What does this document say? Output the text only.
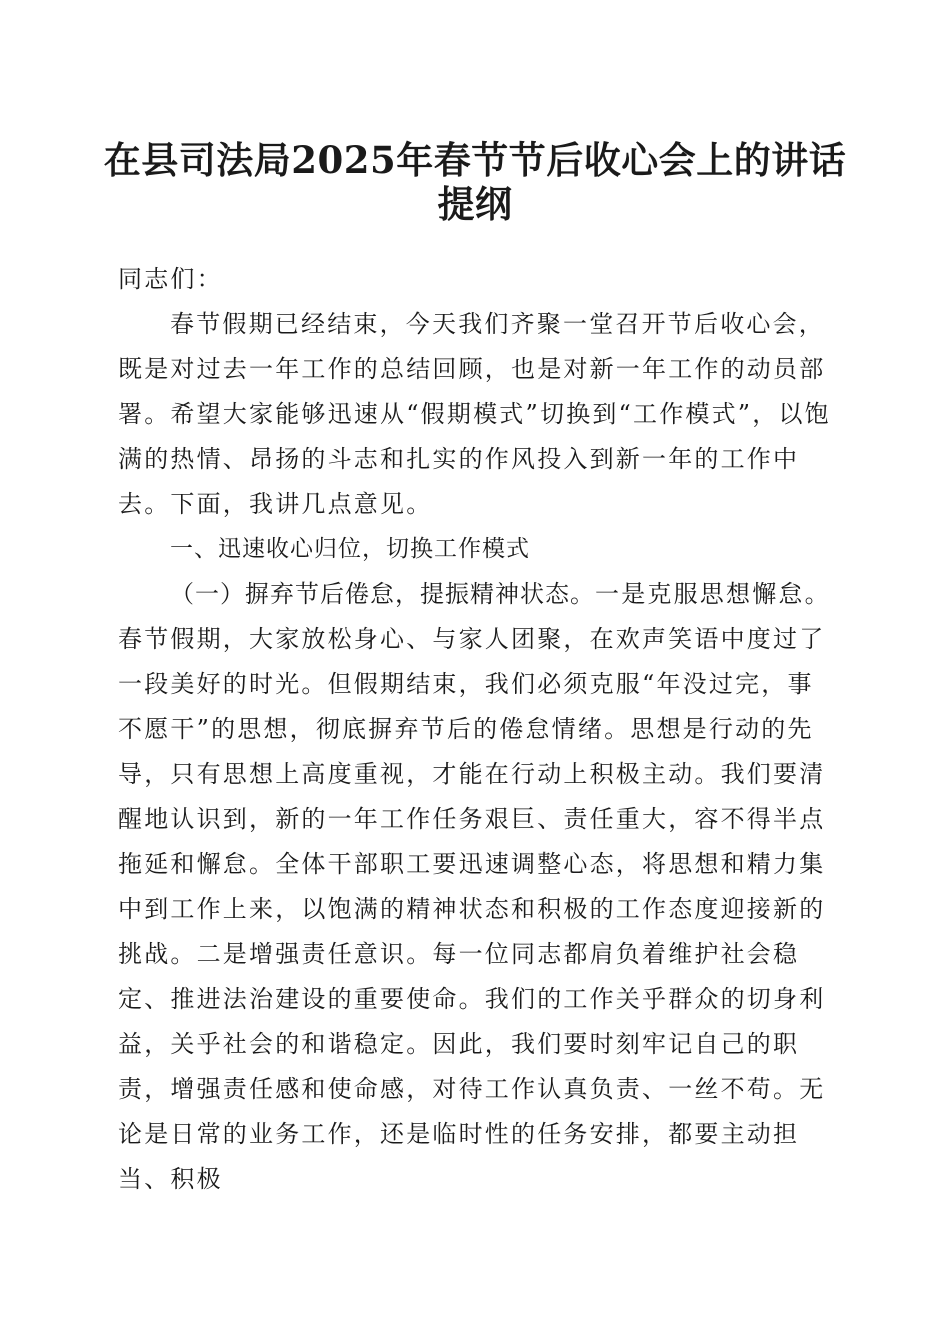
在县司法局2025年春节节后收心会上的讲话
提纲

同志们：

春节假期已经结束，今天我们齐聚一堂召开节后收心会，既是对过去一年工作的总结回顾，也是对新一年工作的动员部署。希望大家能够迅速从“假期模式”切换到“工作模式”，以饱满的热情、昂扬的斗志和扎实的作风投入到新一年的工作中去。下面，我讲几点意见。

一、迅速收心归位，切换工作模式

（一）摒弃节后倦怠，提振精神状态。一是克服思想懈怠。春节假期，大家放松身心、与家人团聚，在欢声笑语中度过了一段美好的时光。但假期结束，我们必须克服“年没过完，事不愿干”的思想，彻底摒弃节后的倦怠情绪。思想是行动的先导，只有思想上高度重视，才能在行动上积极主动。我们要清醒地认识到，新的一年工作任务艰巨、责任重大，容不得半点拖延和懈怠。全体干部职工要迅速调整心态，将思想和精力集中到工作上来，以饱满的精神状态和积极的工作态度迎接新的挑战。二是增强责任意识。每一位同志都肩负着维护社会稳定、推进法治建设的重要使命。我们的工作关乎群众的切身利益，关乎社会的和谐稳定。因此，我们要时刻牢记自己的职责，增强责任感和使命感，对待工作认真负责、一丝不苟。无论是日常的业务工作，还是临时性的任务安排，都要主动担当、积极
